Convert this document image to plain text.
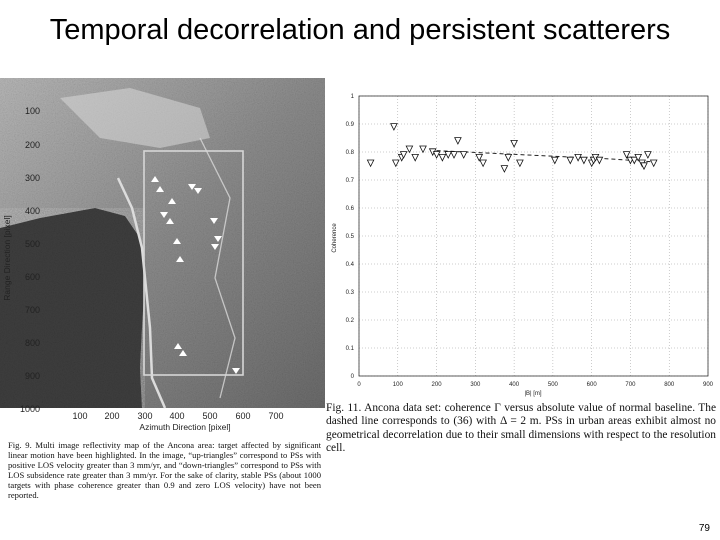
Temporal decorrelation and persistent scatterers
100
200
300
400
500
600
700
800
900
1000
Range Direction [pixel]
100 200 300 400 500 600 700
Azimuth Direction [pixel]
0
0.1
0.2
0.3
0.4
0.5
0.6
0.7
0.8
0.9
1
0	100	200	300	400	500	600	700	800	900
Coherence
|B| [m]
Fig. 9. Multi image reflectivity map of the Ancona area: target affected by significant linear motion have been highlighted. In the image, “up-triangles” correspond to PSs with positive LOS velocity greater than 3 mm/yr, and “down-triangles” correspond to PSs with LOS subsidence rate greater than 3 mm/yr. For the sake of clarity, stable PSs (about 1000 targets with phase coherence greater than 0.9 and zero LOS velocity) have not been reported.
Fig. 11. Ancona data set: coherence Γ versus absolute value of normal baseline. The dashed line corresponds to (36) with Δ = 2 m. PSs in urban areas exhibit almost no geometrical decorrelation due to their small dimensions with respect to the resolution cell.
79
